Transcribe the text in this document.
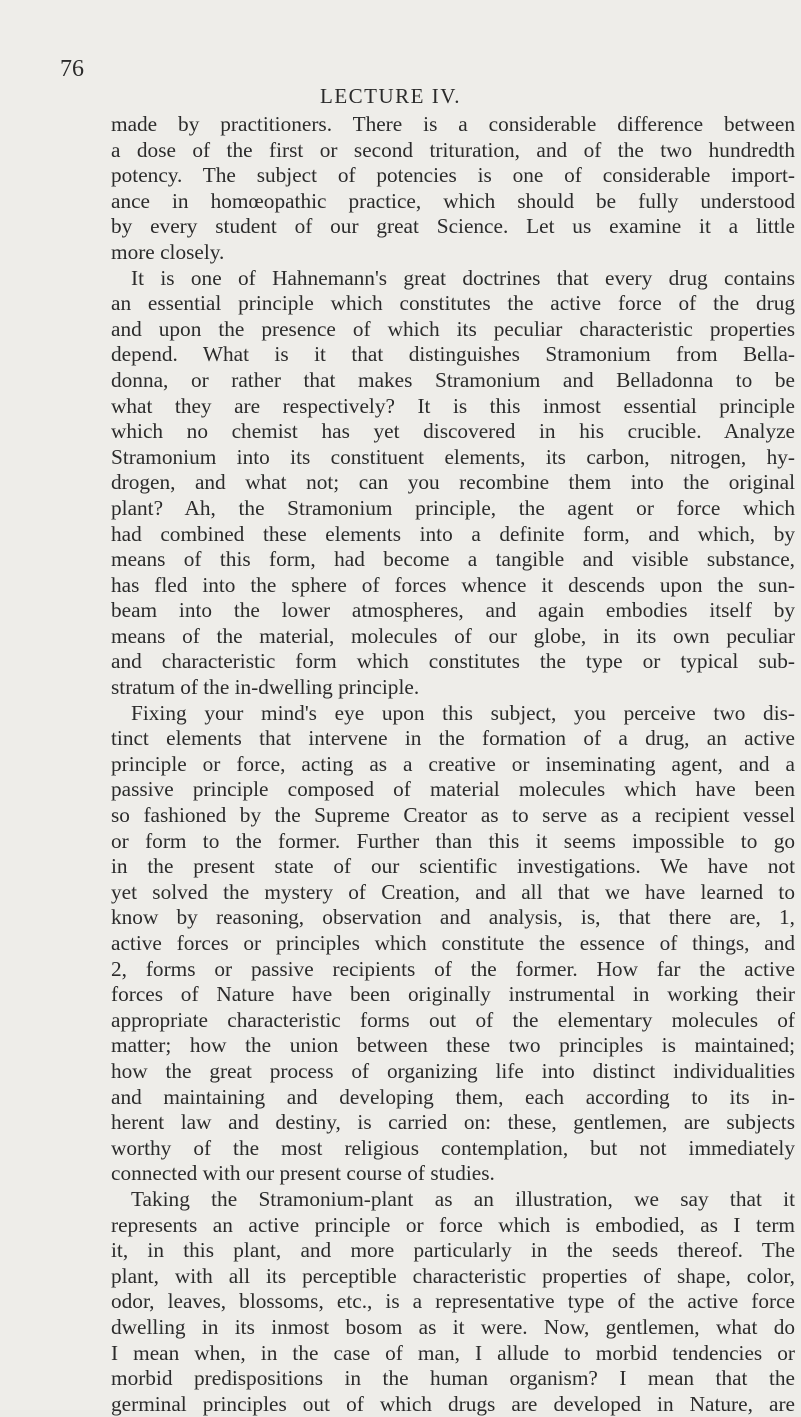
76
LECTURE IV.
made by practitioners. There is a considerable difference between
a dose of the first or second trituration, and of the two hundredth
potency. The subject of potencies is one of considerable import-
ance in homœopathic practice, which should be fully understood
by every student of our great Science. Let us examine it a little
more closely.
It is one of Hahnemann's great doctrines that every drug contains
an essential principle which constitutes the active force of the drug
and upon the presence of which its peculiar characteristic properties
depend. What is it that distinguishes Stramonium from Bella-
donna, or rather that makes Stramonium and Belladonna to be
what they are respectively? It is this inmost essential principle
which no chemist has yet discovered in his crucible. Analyze
Stramonium into its constituent elements, its carbon, nitrogen, hy-
drogen, and what not; can you recombine them into the original
plant? Ah, the Stramonium principle, the agent or force which
had combined these elements into a definite form, and which, by
means of this form, had become a tangible and visible substance,
has fled into the sphere of forces whence it descends upon the sun-
beam into the lower atmospheres, and again embodies itself by
means of the material, molecules of our globe, in its own peculiar
and characteristic form which constitutes the type or typical sub-
stratum of the in-dwelling principle.
Fixing your mind's eye upon this subject, you perceive two dis-
tinct elements that intervene in the formation of a drug, an active
principle or force, acting as a creative or inseminating agent, and a
passive principle composed of material molecules which have been
so fashioned by the Supreme Creator as to serve as a recipient vessel
or form to the former. Further than this it seems impossible to go
in the present state of our scientific investigations. We have not
yet solved the mystery of Creation, and all that we have learned to
know by reasoning, observation and analysis, is, that there are, 1,
active forces or principles which constitute the essence of things, and
2, forms or passive recipients of the former. How far the active
forces of Nature have been originally instrumental in working their
appropriate characteristic forms out of the elementary molecules of
matter; how the union between these two principles is maintained;
how the great process of organizing life into distinct individualities
and maintaining and developing them, each according to its in-
herent law and destiny, is carried on: these, gentlemen, are subjects
worthy of the most religious contemplation, but not immediately
connected with our present course of studies.
Taking the Stramonium-plant as an illustration, we say that it
represents an active principle or force which is embodied, as I term
it, in this plant, and more particularly in the seeds thereof. The
plant, with all its perceptible characteristic properties of shape, color,
odor, leaves, blossoms, etc., is a representative type of the active force
dwelling in its inmost bosom as it were. Now, gentlemen, what do
I mean when, in the case of man, I allude to morbid tendencies or
morbid predispositions in the human organism? I mean that the
germinal principles out of which drugs are developed in Nature, are
